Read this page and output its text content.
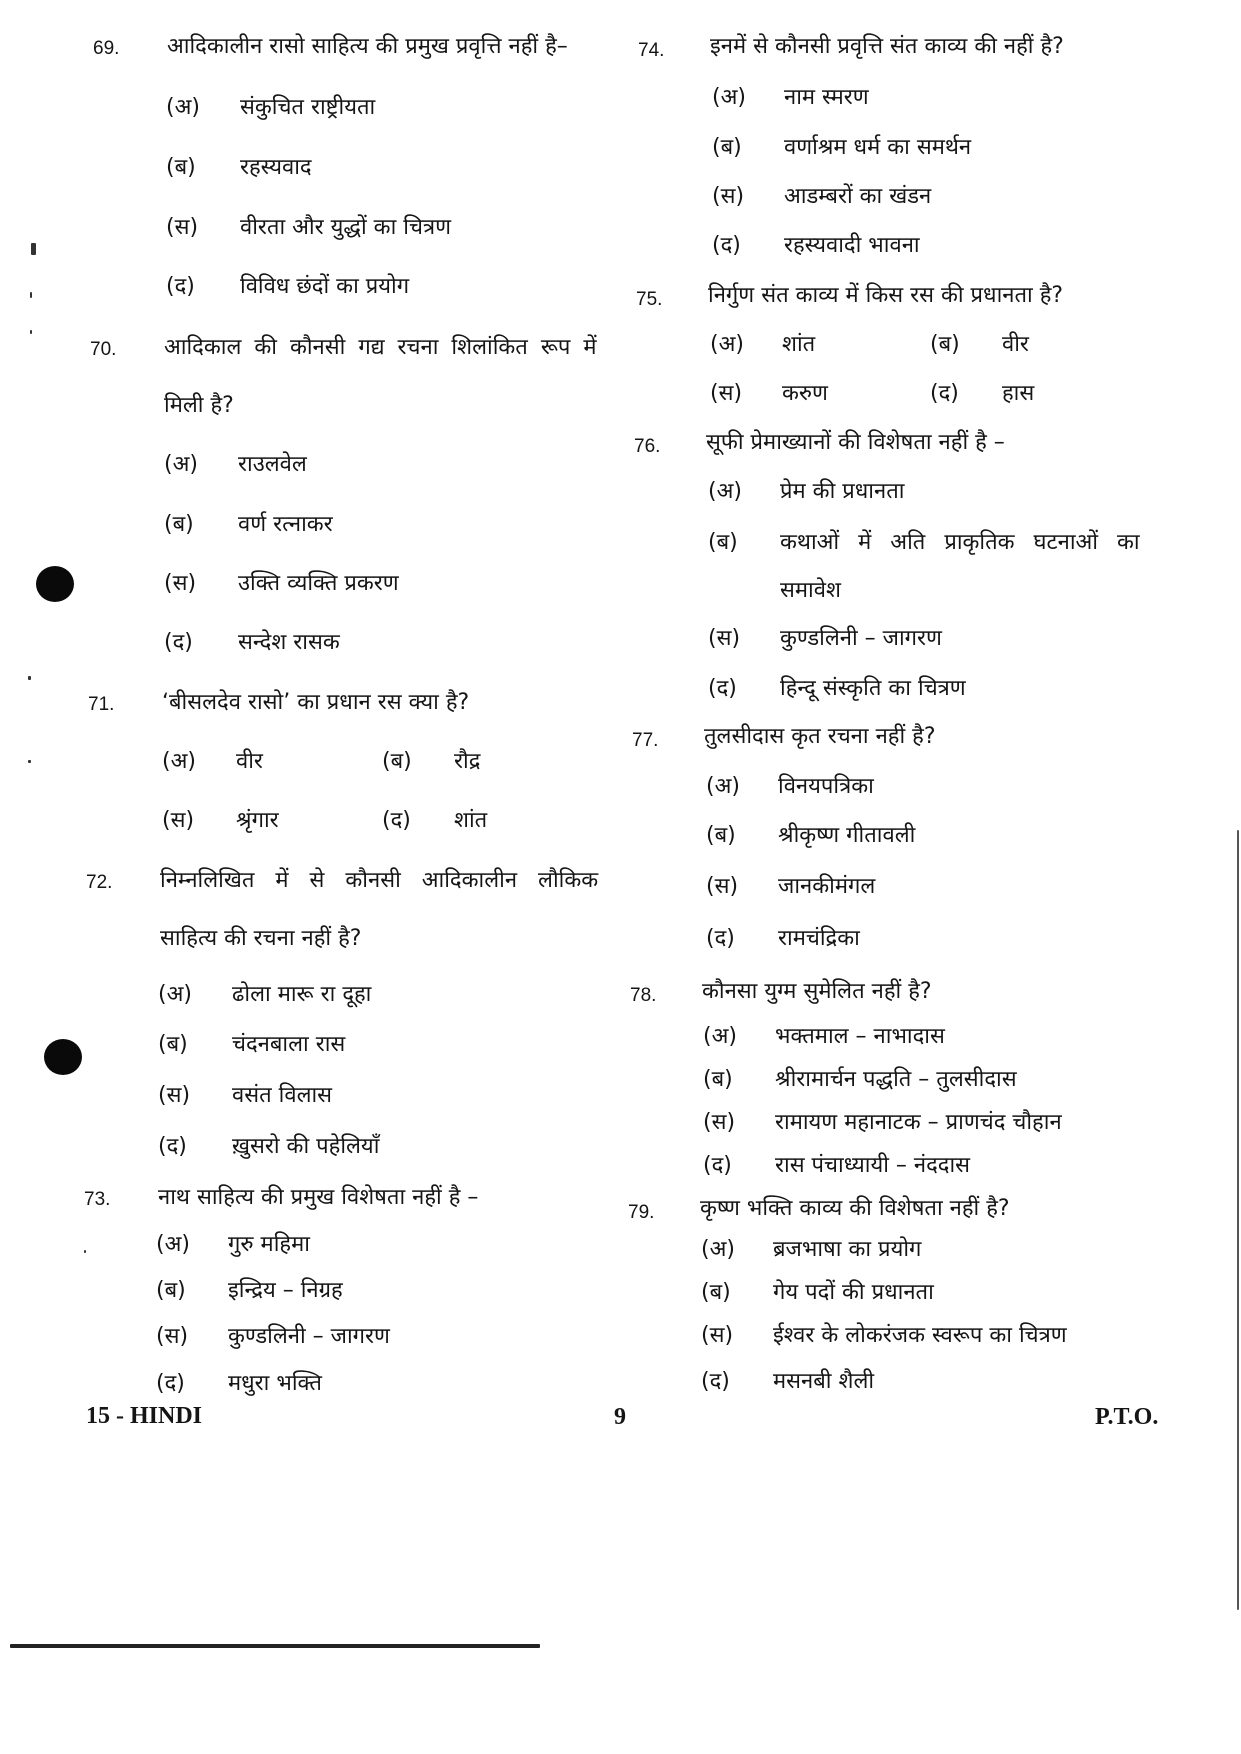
69. आदिकालीन रासो साहित्य की प्रमुख प्रवृत्ति नहीं है–
(अ) संकुचित राष्ट्रीयता
(ब) रहस्यवाद
(स) वीरता और युद्धों का चित्रण
(द) विविध छंदों का प्रयोग
70. आदिकाल की कौनसी गद्य रचना शिलांकित रूप में
मिली है?
(अ) राउलवेल
(ब) वर्ण रत्नाकर
(स) उक्ति व्यक्ति प्रकरण
(द) सन्देश रासक
71. ‘बीसलदेव रासो’ का प्रधान रस क्या है?
(अ) वीर	(ब) रौद्र
(स) श्रृंगार	(द) शांत
72. निम्नलिखित में से कौनसी आदिकालीन लौकिक
साहित्य की रचना नहीं है?
(अ) ढोला मारू रा दूहा
(ब) चंदनबाला रास
(स) वसंत विलास
(द) ख़ुसरो की पहेलियाँ
73. नाथ साहित्य की प्रमुख विशेषता नहीं है –
(अ) गुरु महिमा
(ब) इन्द्रिय – निग्रह
(स) कुण्डलिनी – जागरण
(द) मधुरा भक्ति
74. इनमें से कौनसी प्रवृत्ति संत काव्य की नहीं है?
(अ) नाम स्मरण
(ब) वर्णाश्रम धर्म का समर्थन
(स) आडम्बरों का खंडन
(द) रहस्यवादी भावना
75. निर्गुण संत काव्य में किस रस की प्रधानता है?
(अ) शांत	(ब) वीर
(स) करुण	(द) हास
76. सूफी प्रेमाख्यानों की विशेषता नहीं है –
(अ) प्रेम की प्रधानता
(ब) कथाओं में अति प्राकृतिक घटनाओं का
समावेश
(स) कुण्डलिनी – जागरण
(द) हिन्दू संस्कृति का चित्रण
77. तुलसीदास कृत रचना नहीं है?
(अ) विनयपत्रिका
(ब) श्रीकृष्ण गीतावली
(स) जानकीमंगल
(द) रामचंद्रिका
78. कौनसा युग्म सुमेलित नहीं है?
(अ) भक्तमाल – नाभादास
(ब) श्रीरामार्चन पद्धति – तुलसीदास
(स) रामायण महानाटक – प्राणचंद चौहान
(द) रास पंचाध्यायी – नंददास
79. कृष्ण भक्ति काव्य की विशेषता नहीं है?
(अ) ब्रजभाषा का प्रयोग
(ब) गेय पदों की प्रधानता
(स) ईश्वर के लोकरंजक स्वरूप का चित्रण
(द) मसनबी शैली
15 - HINDI	9	P.T.O.
